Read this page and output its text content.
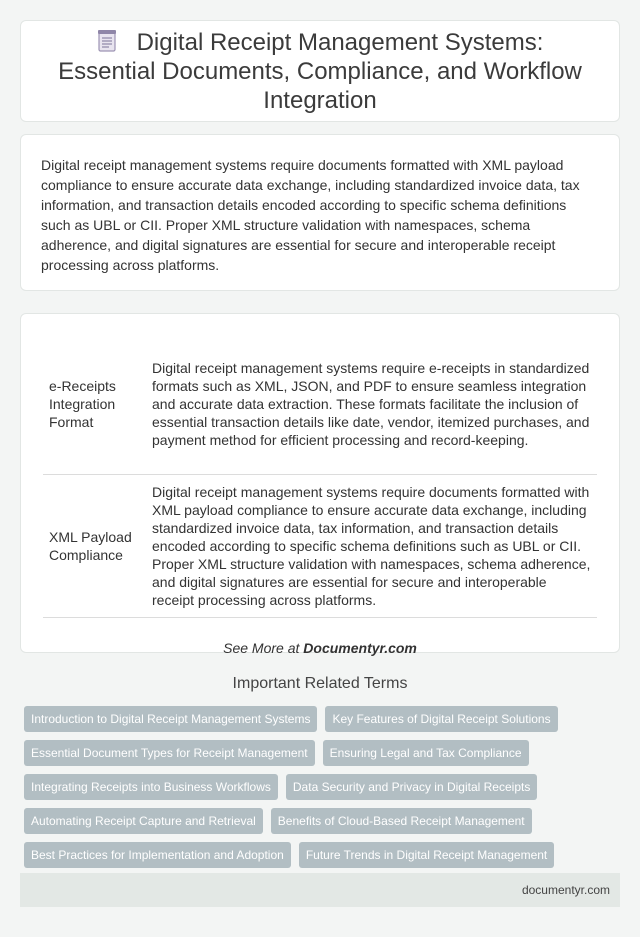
Digital Receipt Management Systems: Essential Documents, Compliance, and Workflow Integration

Digital receipt management systems require documents formatted with XML payload compliance to ensure accurate data exchange, including standardized invoice data, tax information, and transaction details encoded according to specific schema definitions such as UBL or CII. Proper XML structure validation with namespaces, schema adherence, and digital signatures are essential for secure and interoperable receipt processing across platforms.

e-Receipts Integration Format	Digital receipt management systems require e-receipts in standardized formats such as XML, JSON, and PDF to ensure seamless integration and accurate data extraction. These formats facilitate the inclusion of essential transaction details like date, vendor, itemized purchases, and payment method for efficient processing and record-keeping.
XML Payload Compliance	Digital receipt management systems require documents formatted with XML payload compliance to ensure accurate data exchange, including standardized invoice data, tax information, and transaction details encoded according to specific schema definitions such as UBL or CII. Proper XML structure validation with namespaces, schema adherence, and digital signatures are essential for secure and interoperable receipt processing across platforms.

See More at Documentyr.com

Important Related Terms
Introduction to Digital Receipt Management Systems	Key Features of Digital Receipt Solutions
Essential Document Types for Receipt Management	Ensuring Legal and Tax Compliance
Integrating Receipts into Business Workflows	Data Security and Privacy in Digital Receipts
Automating Receipt Capture and Retrieval	Benefits of Cloud-Based Receipt Management
Best Practices for Implementation and Adoption	Future Trends in Digital Receipt Management
documentyr.com
